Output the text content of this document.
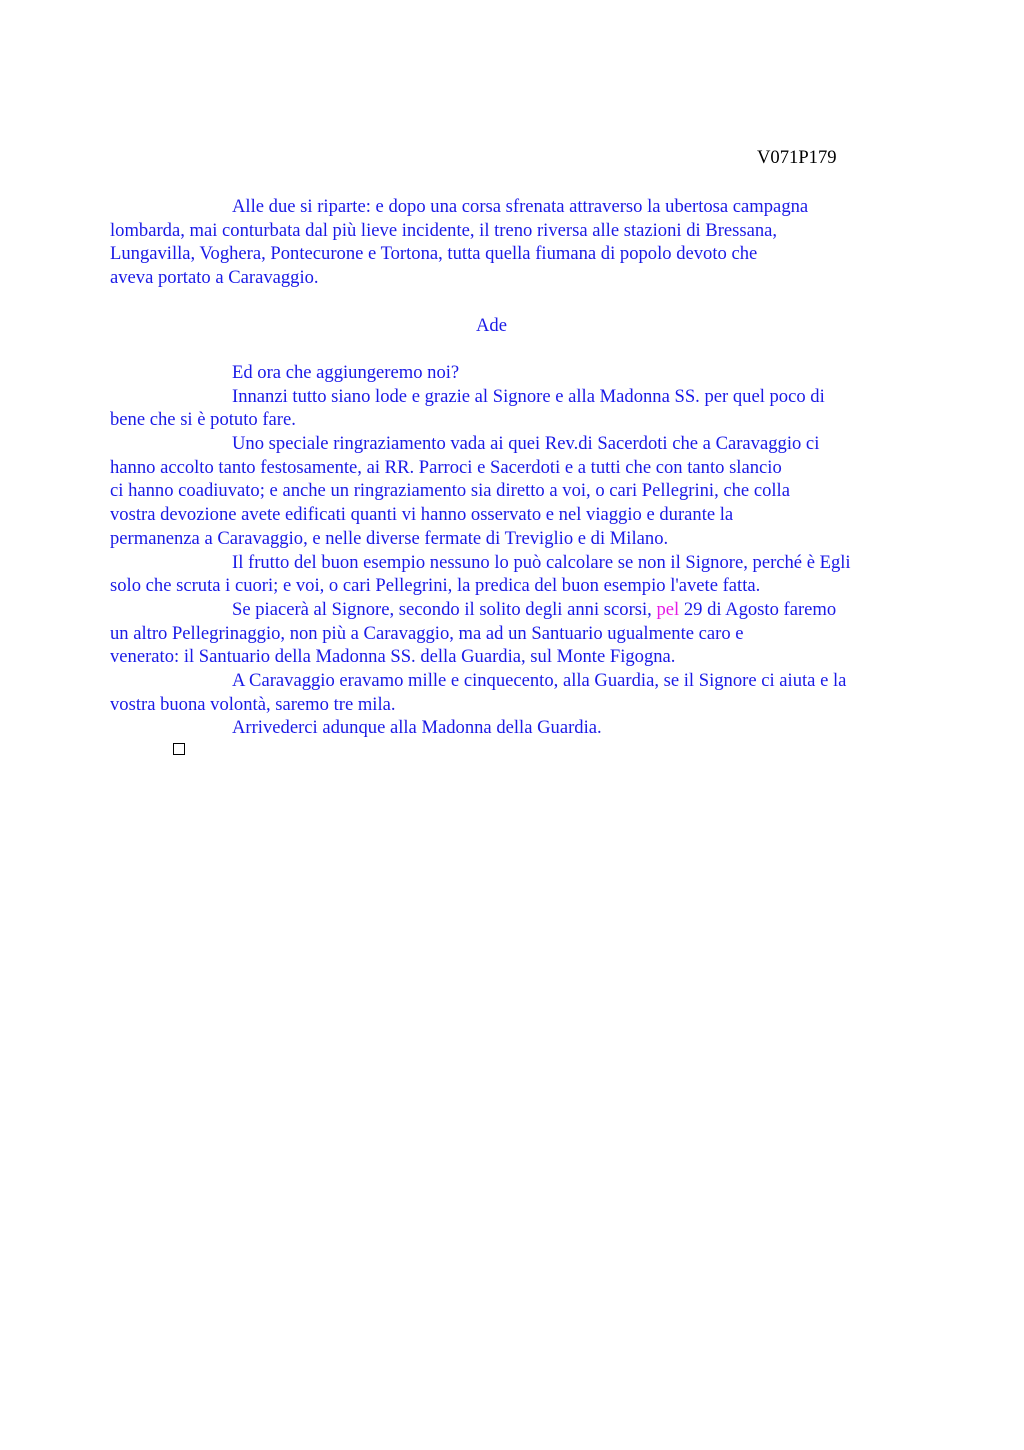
V071P179

Alle due si riparte: e dopo una corsa sfrenata attraverso la ubertosa campagna
lombarda, mai conturbata dal più lieve incidente, il treno riversa alle stazioni di Bressana,
Lungavilla, Voghera, Pontecurone e Tortona, tutta quella fiumana di popolo devoto che
aveva portato a Caravaggio.

Ade

Ed ora che aggiungeremo noi?

Innanzi tutto siano lode e grazie al Signore e alla Madonna SS. per quel poco di
bene che si è potuto fare.

Uno speciale ringraziamento vada ai quei Rev.di Sacerdoti che a Caravaggio ci
hanno accolto tanto festosamente, ai RR. Parroci e Sacerdoti e a tutti che con tanto slancio
ci hanno coadiuvato; e anche un ringraziamento sia diretto a voi, o cari Pellegrini, che colla
vostra devozione avete edificati quanti vi hanno osservato e nel viaggio e durante la
permanenza a Caravaggio, e nelle diverse fermate di Treviglio e di Milano.

Il frutto del buon esempio nessuno lo può calcolare se non il Signore, perché è Egli
solo che scruta i cuori; e voi, o cari Pellegrini, la predica del buon esempio l'avete fatta.

Se piacerà al Signore, secondo il solito degli anni scorsi, pel 29 di Agosto faremo
un altro Pellegrinaggio, non più a Caravaggio, ma ad un Santuario ugualmente caro e
venerato: il Santuario della Madonna SS. della Guardia, sul Monte Figogna.

A Caravaggio eravamo mille e cinquecento, alla Guardia, se il Signore ci aiuta e la
vostra buona volontà, saremo tre mila.

Arrivederci adunque alla Madonna della Guardia.
